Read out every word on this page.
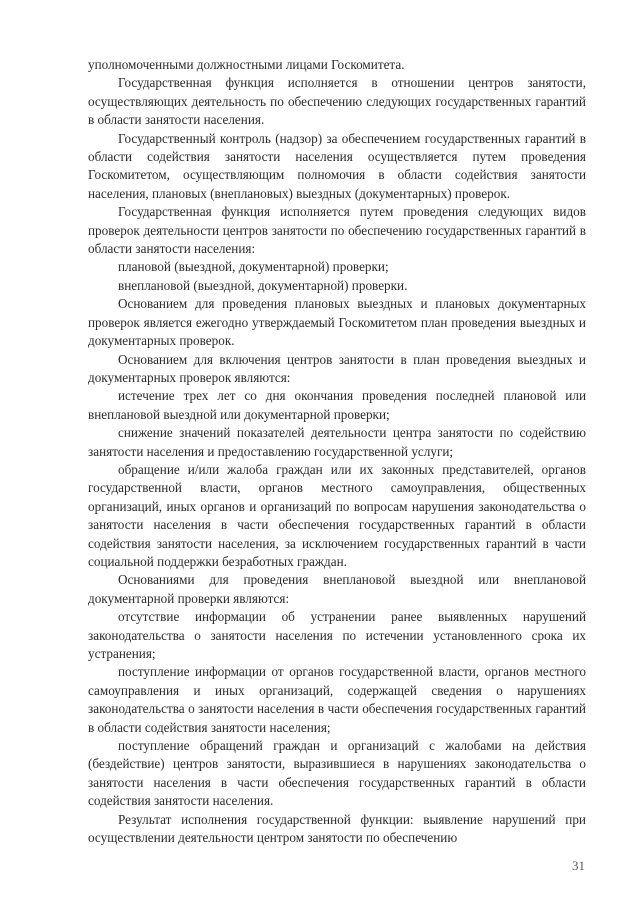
уполномоченными должностными лицами Госкомитета.

Государственная функция исполняется в отношении центров занятости, осуществляющих деятельность по обеспечению следующих государственных гарантий в области занятости населения.

Государственный контроль (надзор) за обеспечением государственных гарантий в области содействия занятости населения осуществляется путем проведения Госкомитетом, осуществляющим полномочия в области содействия занятости населения, плановых (внеплановых) выездных (документарных) проверок.

Государственная функция исполняется путем проведения следующих видов проверок деятельности центров занятости по обеспечению государственных гарантий в области занятости населения:

плановой (выездной, документарной) проверки;

внеплановой (выездной, документарной) проверки.

Основанием для проведения плановых выездных и плановых документарных проверок является ежегодно утверждаемый Госкомитетом план проведения выездных и документарных проверок.

Основанием для включения центров занятости в план проведения выездных и документарных проверок являются:

истечение трех лет со дня окончания проведения последней плановой или внеплановой выездной или документарной проверки;

снижение значений показателей деятельности центра занятости по содействию занятости населения и предоставлению государственной услуги;

обращение и/или жалоба граждан или их законных представителей, органов государственной власти, органов местного самоуправления, общественных организаций, иных органов и организаций по вопросам нарушения законодательства о занятости населения в части обеспечения государственных гарантий в области содействия занятости населения, за исключением государственных гарантий в части социальной поддержки безработных граждан.

Основаниями для проведения внеплановой выездной или внеплановой документарной проверки являются:

отсутствие информации об устранении ранее выявленных нарушений законодательства о занятости населения по истечении установленного срока их устранения;

поступление информации от органов государственной власти, органов местного самоуправления и иных организаций, содержащей сведения о нарушениях законодательства о занятости населения в части обеспечения государственных гарантий в области содействия занятости населения;

поступление обращений граждан и организаций с жалобами на действия (бездействие) центров занятости, выразившиеся в нарушениях законодательства о занятости населения в части обеспечения государственных гарантий в области содействия занятости населения.

Результат исполнения государственной функции: выявление нарушений при осуществлении деятельности центром занятости по обеспечению

31
